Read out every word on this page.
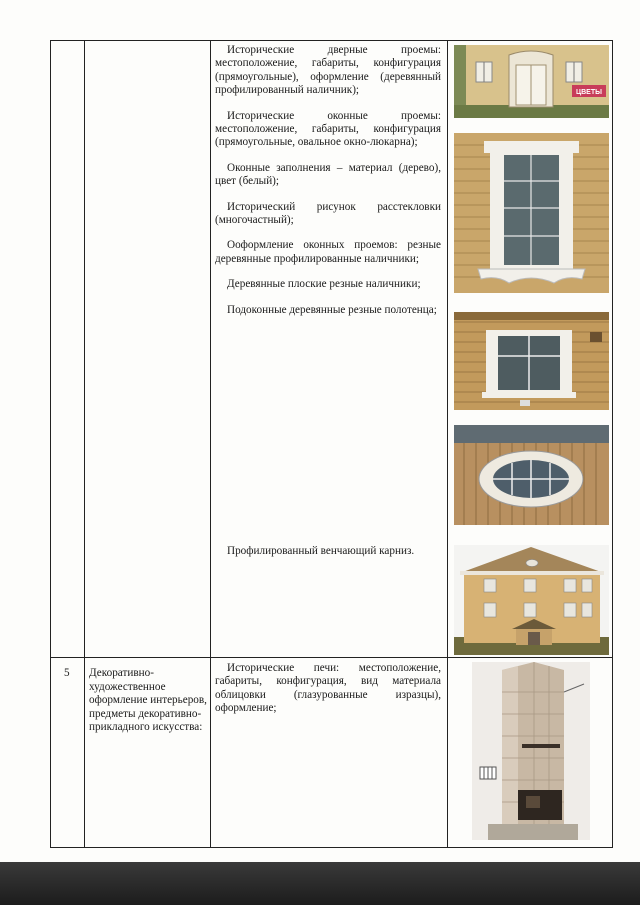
Исторические дверные проемы: местоположение, габариты, конфигурация (прямоугольные), оформление (деревянный профилированный наличник);

Исторические оконные проемы: местоположение, габариты, конфигурация (прямоугольные, овальное окно-люкарна);

Оконные заполнения – материал (дерево), цвет (белый);

Исторический рисунок расстекловки (многочастный);

Ооформление оконных проемов: резные деревянные профилированные наличники;

Деревянные плоские резные наличники;

Подоконные деревянные резные полотенца;

Профилированный венчающий карниз.
5 Декоративно-художественное оформление интерьеров, предметы декоративно-прикладного искусства:
Исторические печи: местоположение, габариты, конфигурация, вид материала облицовки (глазурованные изразцы), оформление;
ЦВЕТЫ
